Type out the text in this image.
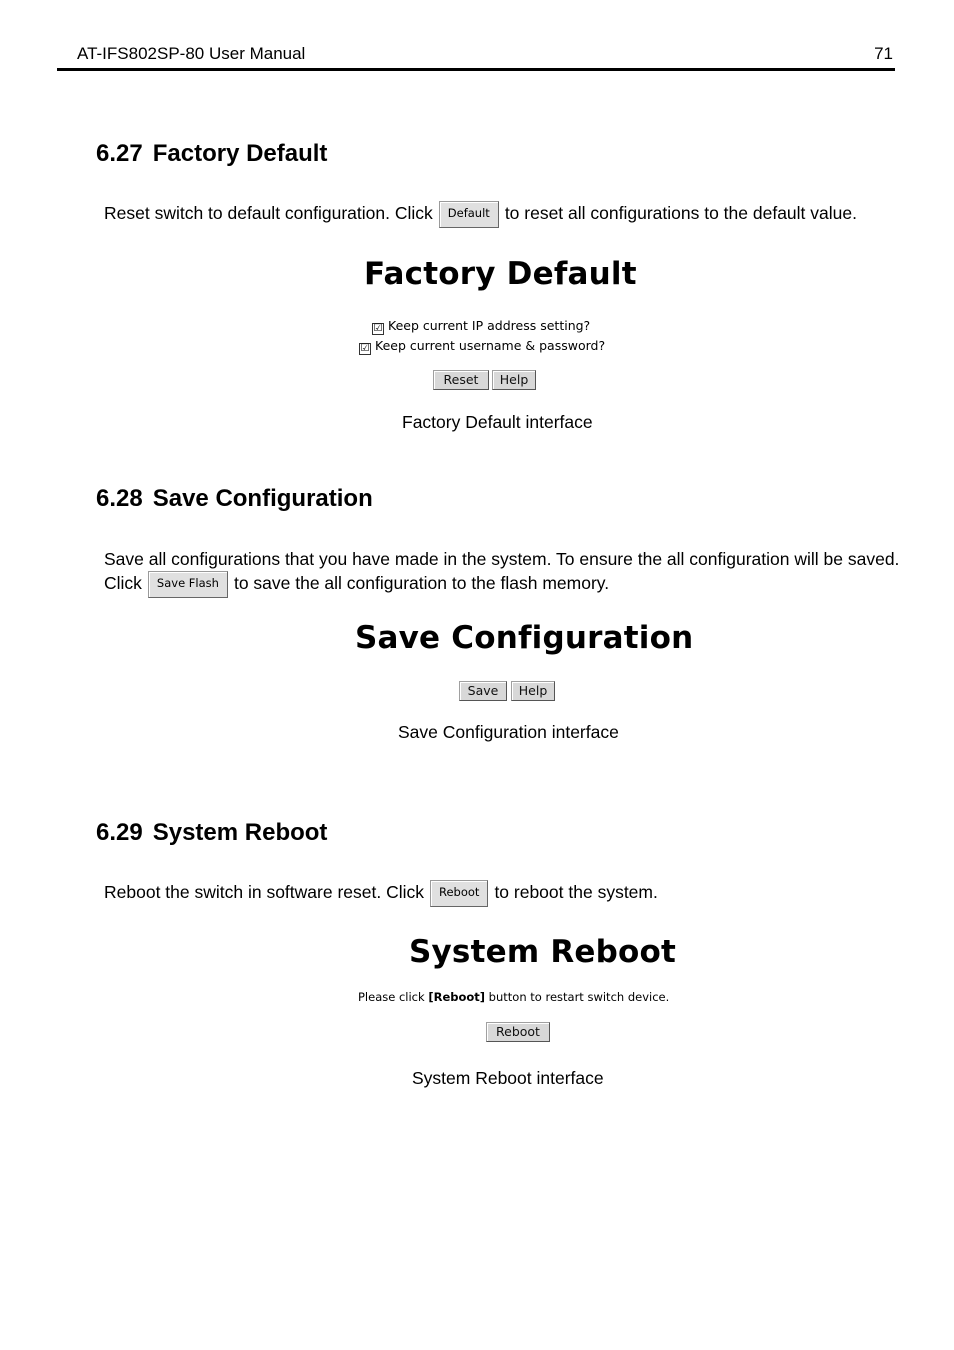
AT-IFS802SP-80 User Manual	71
6.27 Factory Default
Reset switch to default configuration. Click Default to reset all configurations to the default value.
Factory Default
☑ Keep current IP address setting?
☑ Keep current username & password?
Reset	Help
Factory Default interface
6.28 Save Configuration
Save all configurations that you have made in the system. To ensure the all configuration will be saved.
Click Save Flash to save the all configuration to the flash memory.
Save Configuration
Save	Help
Save Configuration interface
6.29 System Reboot
Reboot the switch in software reset. Click Reboot to reboot the system.
System Reboot
Please click [Reboot] button to restart switch device.
Reboot
System Reboot interface
